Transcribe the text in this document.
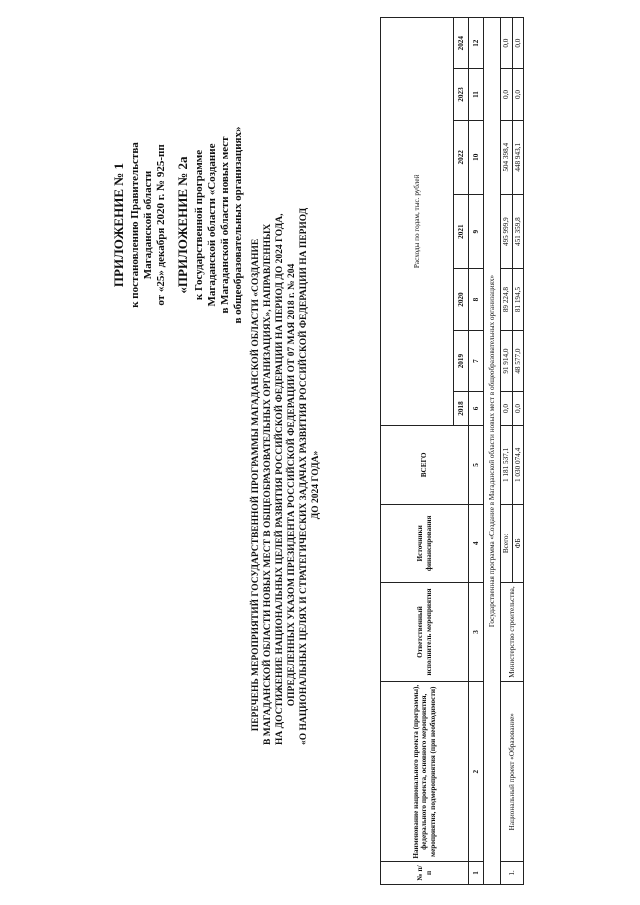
ПРИЛОЖЕНИЕ № 1 к постановлению Правительства Магаданской области от «25» декабря 2020 г. № 925-пп «ПРИЛОЖЕНИЕ № 2а к Государственной программе Магаданской области «Создание в Магаданской области новых мест в общеобразовательных организациях»
ПЕРЕЧЕНЬ МЕРОПРИЯТИЙ ГОСУДАРСТВЕННОЙ ПРОГРАММЫ МАГАДАНСКОЙ ОБЛАСТИ «СОЗДАНИЕ В МАГАДАНСКОЙ ОБЛАСТИ НОВЫХ МЕСТ В ОБЩЕОБРАЗОВАТЕЛЬНЫХ ОРГАНИЗАЦИЯХ», НАПРАВЛЕННЫХ НА ДОСТИЖЕНИЕ НАЦИОНАЛЬНЫХ ЦЕЛЕЙ РАЗВИТИЯ РОССИЙСКОЙ ФЕДЕРАЦИИ НА ПЕРИОД ДО 2024 ГОДА, ОПРЕДЕЛЕННЫХ УКАЗОМ ПРЕЗИДЕНТА РОССИЙСКОЙ ФЕДЕРАЦИИ ОТ 07 МАЯ 2018 г. № 204 «О НАЦИОНАЛЬНЫХ ЦЕЛЯХ И СТРАТЕГИЧЕСКИХ ЗАДАЧАХ РАЗВИТИЯ РОССИЙСКОЙ ФЕДЕРАЦИИ НА ПЕРИОД ДО 2024 ГОДА»
№ п/п	Наименование национального проекта (программы), федерального проекта, основного мероприятия, мероприятия, подмероприятия (при необходимости)	Ответственный исполнитель мероприятия	Источники финансирования	ВСЕГО	Расходы по годам, тыс. рублей						
					2018	2019	2020	2021	2022	2023	2024
1	2	3	4	5	6	7	8	9	10	11	12
Государственная программа «Создание в Магаданской области новых мест в общеобразовательных организациях»											
1.	Национальный проект «Образование»	Министерство строительства,	Всего:	1 181 537,1	0,0	91 914,0	89 224,8	495 999,9	504 398,4	0,0	0,0
			ФБ	1 030 074,4	0,0	48 577,0	81 194,5	451 359,8	448 943,1	0,0	0,0
